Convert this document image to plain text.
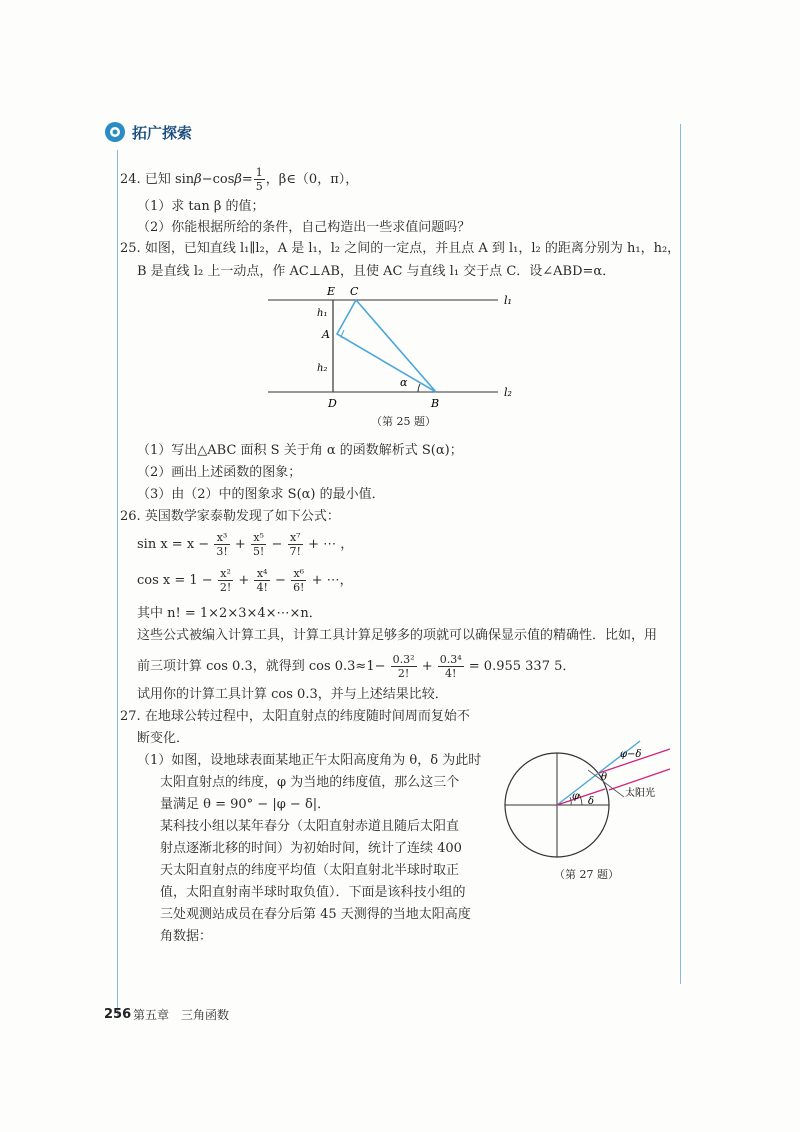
拓广探索
24. 已知 $\sin\beta-\cos\beta= \frac{1}{5}$ ，β∈（0，π），
（1）求 tan β 的值；
（2）你能根据所给的条件，自己构造出一些求值问题吗？
25. 如图，已知直线 l₁∥l₂，A 是 l₁，l₂ 之间的一定点，并且点 A 到 l₁，l₂ 的距离分别为 h₁，h₂，
B 是直线 l₂ 上一动点，作 AC⊥AB，且使 AC 与直线 l₁ 交于点 C．设∠ABD=α．
E C
l₁
h₁
A
h₂
α
l₂
D	B
（第 25 题）
（1）写出△ABC 面积 S 关于角 α 的函数解析式 S(α)；
（2）画出上述函数的图象；
（3）由（2）中的图象求 S(α) 的最小值．
26. 英国数学家泰勒发现了如下公式：
$\sin x = x - \frac{\text{x³}}{3!} + \frac{\text{x⁵}}{5!} - \frac{\text{x⁷}}{7!}$ + ⋯ ，
$\cos x = 1 - \frac{\text{x²}}{2!} + \frac{\text{x⁴}}{4!} - \frac{\text{x⁶}}{6!}$ + ⋯，
其中 n! = 1×2×3×4×⋯×n．
这些公式被编入计算工具，计算工具计算足够多的项就可以确保显示值的精确性．比如，用
前三项计算 cos 0.3，就得到 $\cos 0.3\approx 1- \frac{\text{0.3²}}{2!} + \frac{\text{0.3⁴}}{4!} = 0.955$ 337 5．
试用你的计算工具计算 cos 0.3，并与上述结果比较．
27. 在地球公转过程中，太阳直射点的纬度随时间周而复始不
断变化．
（1）如图，设地球表面某地正午太阳高度角为 θ，δ 为此时
太阳直射点的纬度，φ 为当地的纬度值，那么这三个
量满足 θ = 90° − |φ − δ|．
某科技小组以某年春分（太阳直射赤道且随后太阳直
射点逐渐北移的时间）为初始时间，统计了连续 400
天太阳直射点的纬度平均值（太阳直射北半球时取正
值，太阳直射南半球时取负值）．下面是该科技小组的
三处观测站成员在春分后第 45 天测得的当地太阳高度
角数据：
φ−δ
θ
φ δ
太阳光
（第 27 题）
256 第五章　三角函数
